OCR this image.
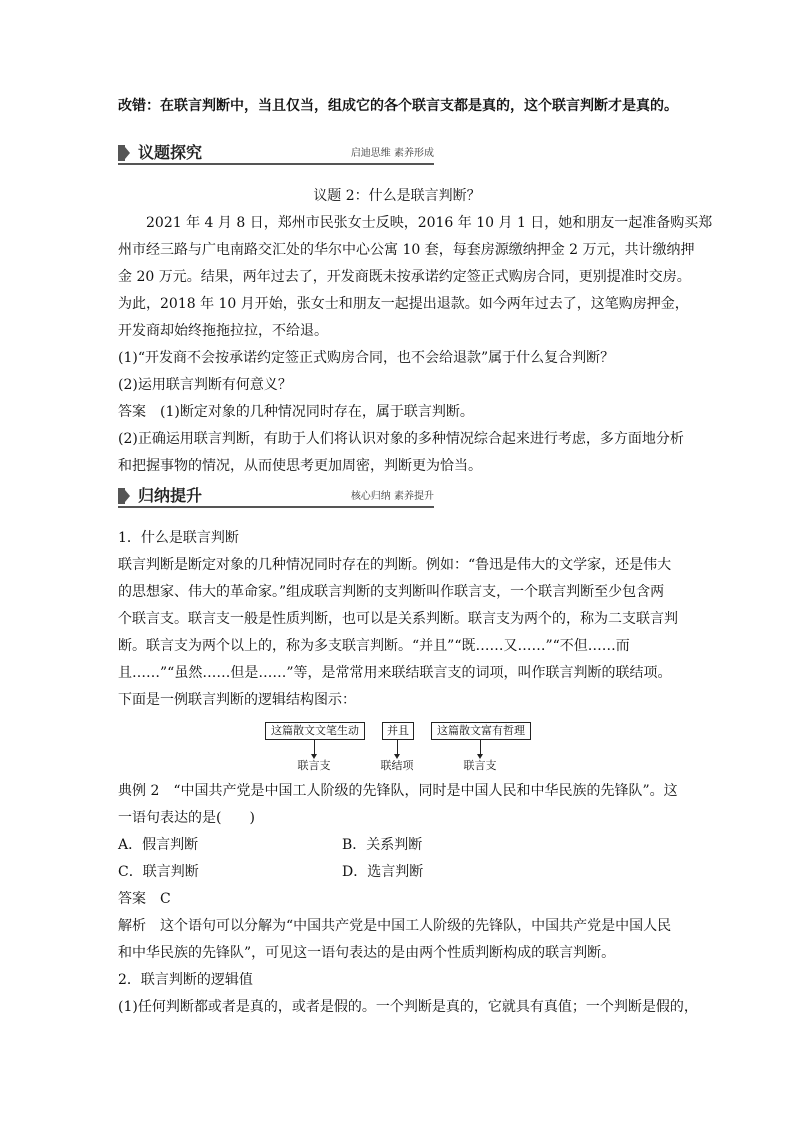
改错：在联言判断中，当且仅当，组成它的各个联言支都是真的，这个联言判断才是真的。
议题探究	启迪思维 素养形成
议题 2：什么是联言判断？
2021 年 4 月 8 日，郑州市民张女士反映，2016 年 10 月 1 日，她和朋友一起准备购买郑
州市经三路与广电南路交汇处的华尔中心公寓 10 套，每套房源缴纳押金 2 万元，共计缴纳押
金 20 万元。结果，两年过去了，开发商既未按承诺约定签正式购房合同，更别提准时交房。
为此，2018 年 10 月开始，张女士和朋友一起提出退款。如今两年过去了，这笔购房押金，
开发商却始终拖拖拉拉，不给退。
(1)“开发商不会按承诺约定签正式购房合同，也不会给退款”属于什么复合判断？
(2)运用联言判断有何意义？
答案　(1)断定对象的几种情况同时存在，属于联言判断。
(2)正确运用联言判断，有助于人们将认识对象的多种情况综合起来进行考虑，多方面地分析
和把握事物的情况，从而使思考更加周密，判断更为恰当。
归纳提升	核心归纳 素养提升
1．什么是联言判断
联言判断是断定对象的几种情况同时存在的判断。例如：“鲁迅是伟大的文学家，还是伟大
的思想家、伟大的革命家。”组成联言判断的支判断叫作联言支，一个联言判断至少包含两
个联言支。联言支一般是性质判断，也可以是关系判断。联言支为两个的，称为二支联言判
断。联言支为两个以上的，称为多支联言判断。“并且”“既……又……”“不但……而
且……”“虽然……但是……”等，是常常用来联结联言支的词项，叫作联言判断的联结项。
下面是一例联言判断的逻辑结构图示：
这篇散文文笔生动	并且	这篇散文富有哲理
联言支	联结项	联言支
典例 2　“中国共产党是中国工人阶级的先锋队，同时是中国人民和中华民族的先锋队”。这
一语句表达的是(　　)
A．假言判断	B．关系判断
C．联言判断	D．选言判断
答案　C
解析　这个语句可以分解为“中国共产党是中国工人阶级的先锋队，中国共产党是中国人民
和中华民族的先锋队”，可见这一语句表达的是由两个性质判断构成的联言判断。
2．联言判断的逻辑值
(1)任何判断都或者是真的，或者是假的。一个判断是真的，它就具有真值；一个判断是假的，
